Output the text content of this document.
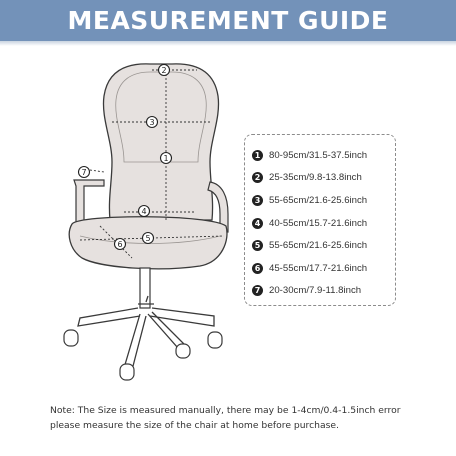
MEASUREMENT GUIDE
1
2
3
4
5
6
7
1 80-95cm/31.5-37.5inch
2 25-35cm/9.8-13.8inch
3 55-65cm/21.6-25.6inch
4 40-55cm/15.7-21.6inch
5 55-65cm/21.6-25.6inch
6 45-55cm/17.7-21.6inch
7 20-30cm/7.9-11.8inch
Note: The Size is measured manually, there may be 1-4cm/0.4-1.5inch error
please measure the size of the chair at home before purchase.
